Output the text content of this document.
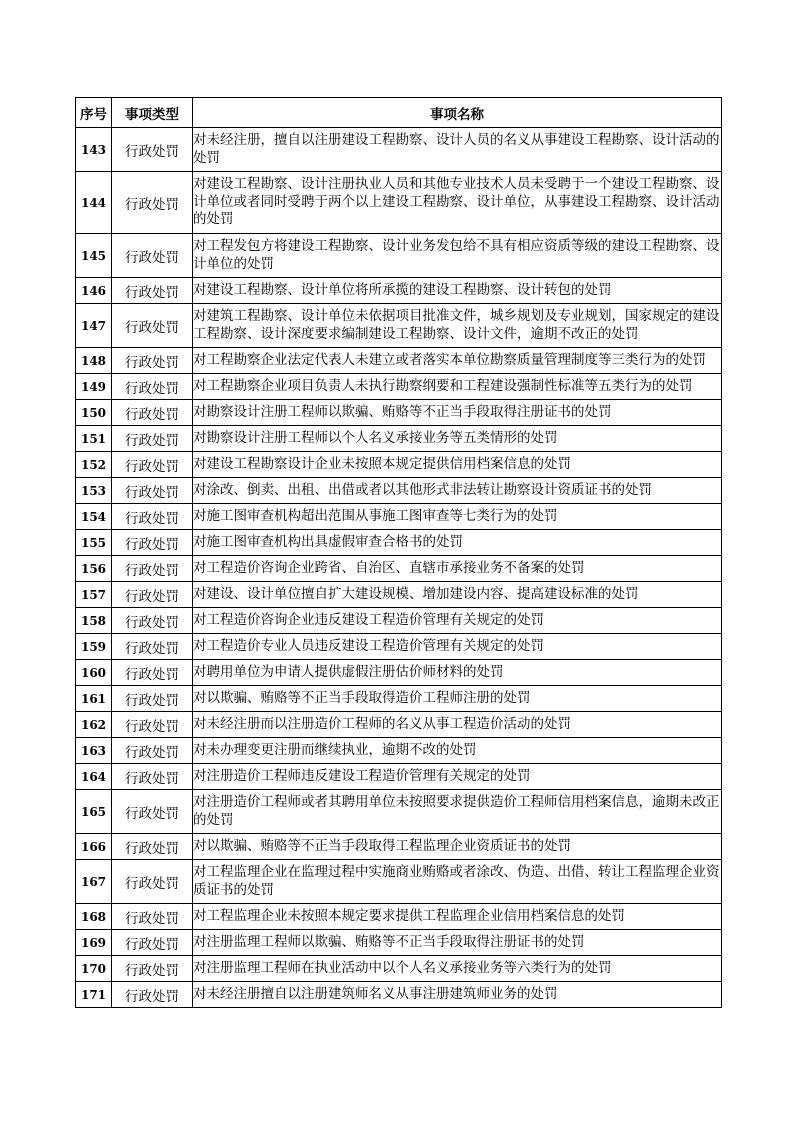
序号	事项类型	事项名称
143	行政处罚	对未经注册，擅自以注册建设工程勘察、设计人员的名义从事建设工程勘察、设计活动的处罚
144	行政处罚	对建设工程勘察、设计注册执业人员和其他专业技术人员未受聘于一个建设工程勘察、设计单位或者同时受聘于两个以上建设工程勘察、设计单位，从事建设工程勘察、设计活动的处罚
145	行政处罚	对工程发包方将建设工程勘察、设计业务发包给不具有相应资质等级的建设工程勘察、设计单位的处罚
146	行政处罚	对建设工程勘察、设计单位将所承揽的建设工程勘察、设计转包的处罚
147	行政处罚	对建筑工程勘察、设计单位未依据项目批准文件，城乡规划及专业规划，国家规定的建设工程勘察、设计深度要求编制建设工程勘察、设计文件，逾期不改正的处罚
148	行政处罚	对工程勘察企业法定代表人未建立或者落实本单位勘察质量管理制度等三类行为的处罚
149	行政处罚	对工程勘察企业项目负责人未执行勘察纲要和工程建设强制性标准等五类行为的处罚
150	行政处罚	对勘察设计注册工程师以欺骗、贿赂等不正当手段取得注册证书的处罚
151	行政处罚	对勘察设计注册工程师以个人名义承接业务等五类情形的处罚
152	行政处罚	对建设工程勘察设计企业未按照本规定提供信用档案信息的处罚
153	行政处罚	对涂改、倒卖、出租、出借或者以其他形式非法转让勘察设计资质证书的处罚
154	行政处罚	对施工图审查机构超出范围从事施工图审查等七类行为的处罚
155	行政处罚	对施工图审查机构出具虚假审查合格书的处罚
156	行政处罚	对工程造价咨询企业跨省、自治区、直辖市承接业务不备案的处罚
157	行政处罚	对建设、设计单位擅自扩大建设规模、增加建设内容、提高建设标准的处罚
158	行政处罚	对工程造价咨询企业违反建设工程造价管理有关规定的处罚
159	行政处罚	对工程造价专业人员违反建设工程造价管理有关规定的处罚
160	行政处罚	对聘用单位为申请人提供虚假注册估价师材料的处罚
161	行政处罚	对以欺骗、贿赂等不正当手段取得造价工程师注册的处罚
162	行政处罚	对未经注册而以注册造价工程师的名义从事工程造价活动的处罚
163	行政处罚	对未办理变更注册而继续执业，逾期不改的处罚
164	行政处罚	对注册造价工程师违反建设工程造价管理有关规定的处罚
165	行政处罚	对注册造价工程师或者其聘用单位未按照要求提供造价工程师信用档案信息，逾期未改正的处罚
166	行政处罚	对以欺骗、贿赂等不正当手段取得工程监理企业资质证书的处罚
167	行政处罚	对工程监理企业在监理过程中实施商业贿赂或者涂改、伪造、出借、转让工程监理企业资质证书的处罚
168	行政处罚	对工程监理企业未按照本规定要求提供工程监理企业信用档案信息的处罚
169	行政处罚	对注册监理工程师以欺骗、贿赂等不正当手段取得注册证书的处罚
170	行政处罚	对注册监理工程师在执业活动中以个人名义承接业务等六类行为的处罚
171	行政处罚	对未经注册擅自以注册建筑师名义从事注册建筑师业务的处罚
